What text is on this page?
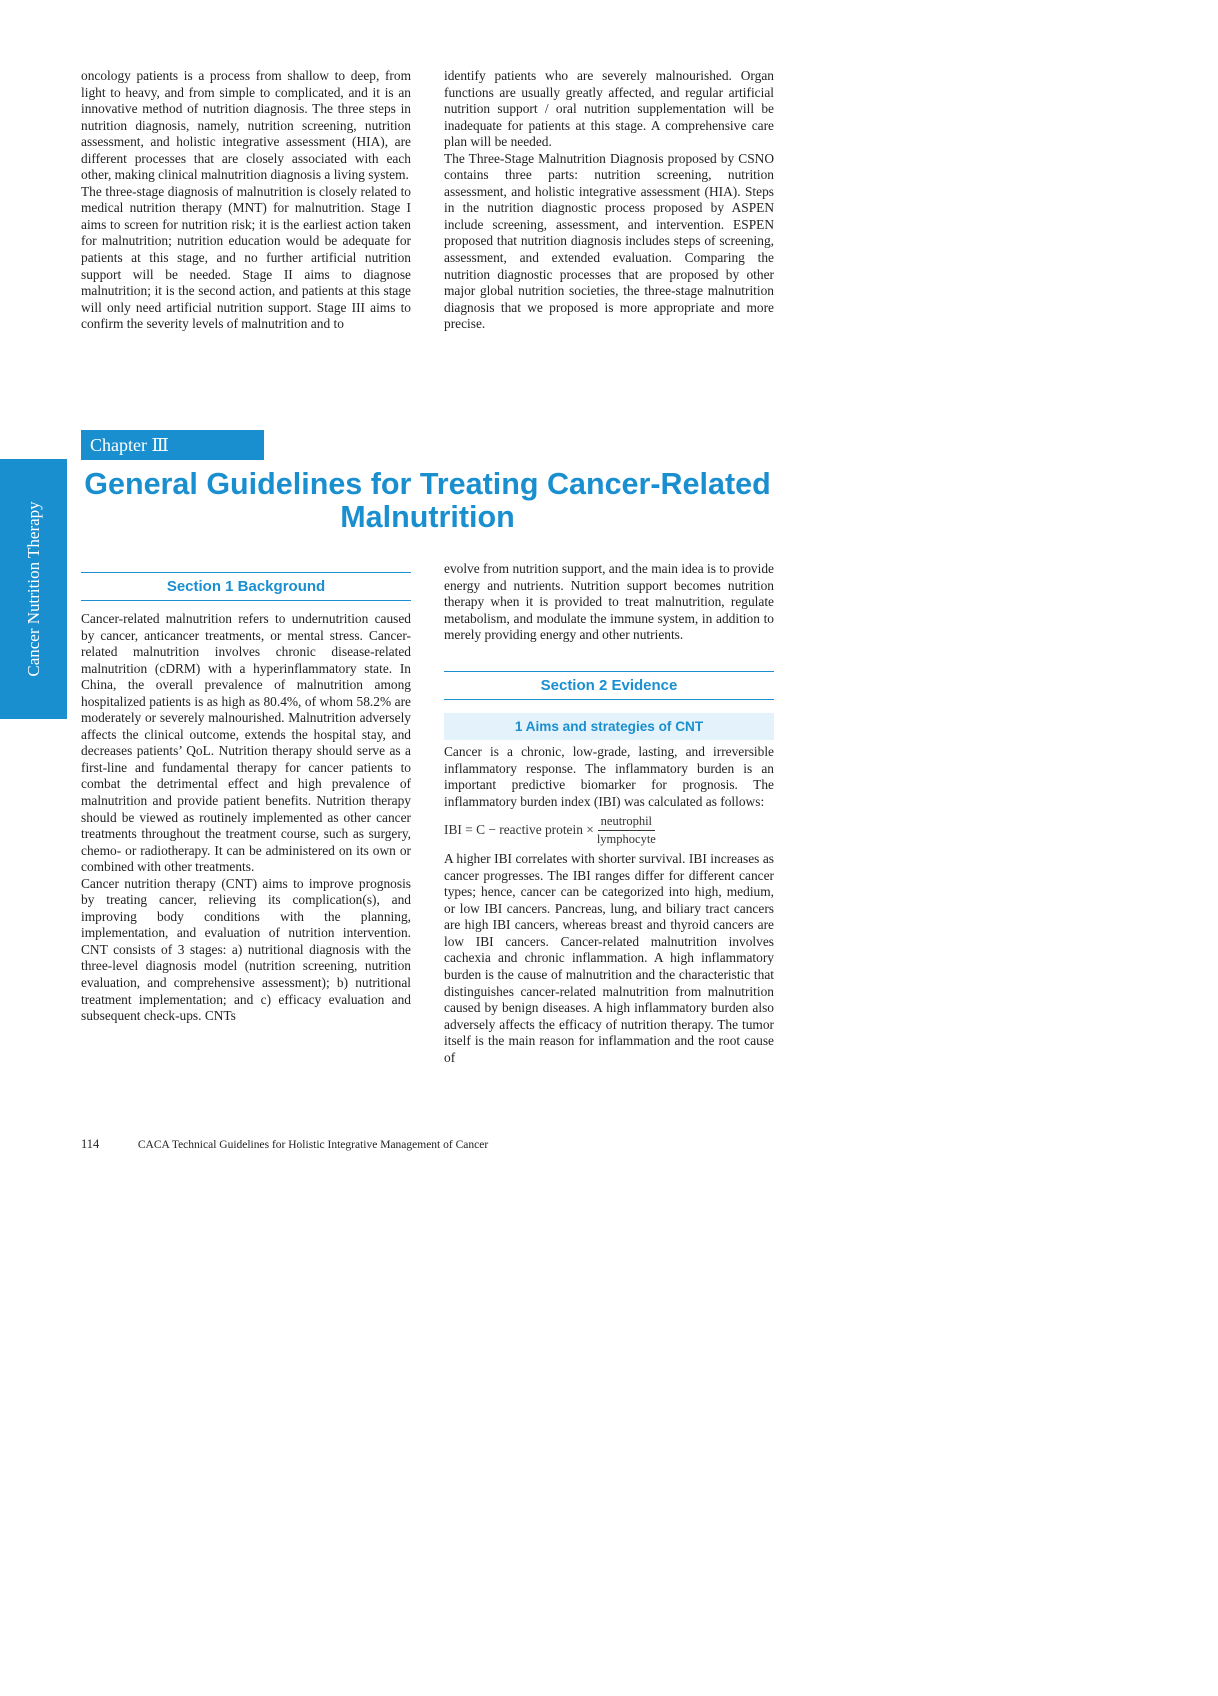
Cancer Nutrition Therapy

oncology patients is a process from shallow to deep, from light to heavy, and from simple to complicated, and it is an innovative method of nutrition diagnosis. The three steps in nutrition diagnosis, namely, nutrition screening, nutrition assessment, and holistic integrative assessment (HIA), are different processes that are closely associated with each other, making clinical malnutrition diagnosis a living system.

The three-stage diagnosis of malnutrition is closely related to medical nutrition therapy (MNT) for malnutrition. Stage I aims to screen for nutrition risk; it is the earliest action taken for malnutrition; nutrition education would be adequate for patients at this stage, and no further artificial nutrition support will be needed. Stage II aims to diagnose malnutrition; it is the second action, and patients at this stage will only need artificial nutrition support. Stage III aims to confirm the severity levels of malnutrition and to

identify patients who are severely malnourished. Organ functions are usually greatly affected, and regular artificial nutrition support / oral nutrition supplementation will be inadequate for patients at this stage. A comprehensive care plan will be needed.

The Three-Stage Malnutrition Diagnosis proposed by CSNO contains three parts: nutrition screening, nutrition assessment, and holistic integrative assessment (HIA). Steps in the nutrition diagnostic process proposed by ASPEN include screening, assessment, and intervention. ESPEN proposed that nutrition diagnosis includes steps of screening, assessment, and extended evaluation. Comparing the nutrition diagnostic processes that are proposed by other major global nutrition societies, the three-stage malnutrition diagnosis that we proposed is more appropriate and more precise.

Chapter Ⅲ
General Guidelines for Treating Cancer-Related Malnutrition
Section 1 Background

Cancer-related malnutrition refers to undernutrition caused by cancer, anticancer treatments, or mental stress. Cancer-related malnutrition involves chronic disease-related malnutrition (cDRM) with a hyperinflammatory state. In China, the overall prevalence of malnutrition among hospitalized patients is as high as 80.4%, of whom 58.2% are moderately or severely malnourished. Malnutrition adversely affects the clinical outcome, extends the hospital stay, and decreases patients’ QoL. Nutrition therapy should serve as a first-line and fundamental therapy for cancer patients to combat the detrimental effect and high prevalence of malnutrition and provide patient benefits. Nutrition therapy should be viewed as routinely implemented as other cancer treatments throughout the treatment course, such as surgery, chemo- or radiotherapy. It can be administered on its own or combined with other treatments.

Cancer nutrition therapy (CNT) aims to improve prognosis by treating cancer, relieving its complication(s), and improving body conditions with the planning, implementation, and evaluation of nutrition intervention. CNT consists of 3 stages: a) nutritional diagnosis with the three-level diagnosis model (nutrition screening, nutrition evaluation, and comprehensive assessment); b) nutritional treatment implementation; and c) efficacy evaluation and subsequent check-ups. CNTs

evolve from nutrition support, and the main idea is to provide energy and nutrients. Nutrition support becomes nutrition therapy when it is provided to treat malnutrition, regulate metabolism, and modulate the immune system, in addition to merely providing energy and other nutrients.

Section 2 Evidence
1 Aims and strategies of CNT

Cancer is a chronic, low-grade, lasting, and irreversible inflammatory response. The inflammatory burden is an important predictive biomarker for prognosis. The inflammatory burden index (IBI) was calculated as follows:

IBI = C − reactive protein × $\frac{\text{neutrophil}}{\text{lymphocyte}}$

A higher IBI correlates with shorter survival. IBI increases as cancer progresses. The IBI ranges differ for different cancer types; hence, cancer can be categorized into high, medium, or low IBI cancers. Pancreas, lung, and biliary tract cancers are high IBI cancers, whereas breast and thyroid cancers are low IBI cancers. Cancer-related malnutrition involves cachexia and chronic inflammation. A high inflammatory burden is the cause of malnutrition and the characteristic that distinguishes cancer-related malnutrition from malnutrition caused by benign diseases. A high inflammatory burden also adversely affects the efficacy of nutrition therapy. The tumor itself is the main reason for inflammation and the root cause of

114	CACA Technical Guidelines for Holistic Integrative Management of Cancer
